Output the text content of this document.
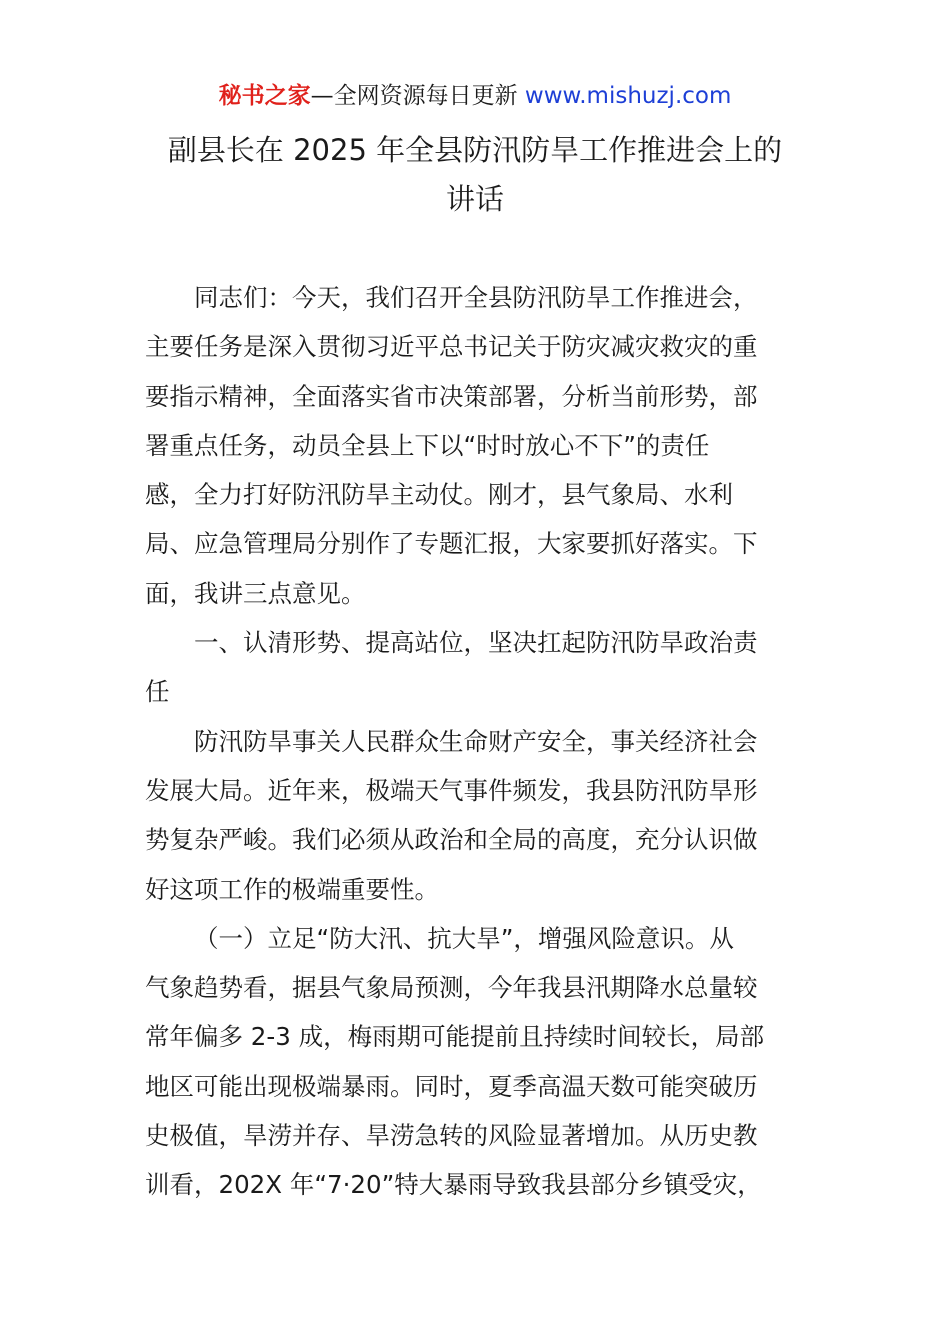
秘书之家—全网资源每日更新 www.mishuzj.com
副县长在 2025 年全县防汛防旱工作推进会上的
讲话

同志们：今天，我们召开全县防汛防旱工作推进会，
主要任务是深入贯彻习近平总书记关于防灾减灾救灾的重
要指示精神，全面落实省市决策部署，分析当前形势，部
署重点任务，动员全县上下以“时时放心不下”的责任
感，全力打好防汛防旱主动仗。刚才，县气象局、水利
局、应急管理局分别作了专题汇报，大家要抓好落实。下
面，我讲三点意见。

一、认清形势、提高站位，坚决扛起防汛防旱政治责
任

防汛防旱事关人民群众生命财产安全，事关经济社会
发展大局。近年来，极端天气事件频发，我县防汛防旱形
势复杂严峻。我们必须从政治和全局的高度，充分认识做
好这项工作的极端重要性。

（一）立足“防大汛、抗大旱”，增强风险意识。从
气象趋势看，据县气象局预测，今年我县汛期降水总量较
常年偏多 2-3 成，梅雨期可能提前且持续时间较长，局部
地区可能出现极端暴雨。同时，夏季高温天数可能突破历
史极值，旱涝并存、旱涝急转的风险显著增加。从历史教
训看，202X 年“7·20”特大暴雨导致我县部分乡镇受灾，
